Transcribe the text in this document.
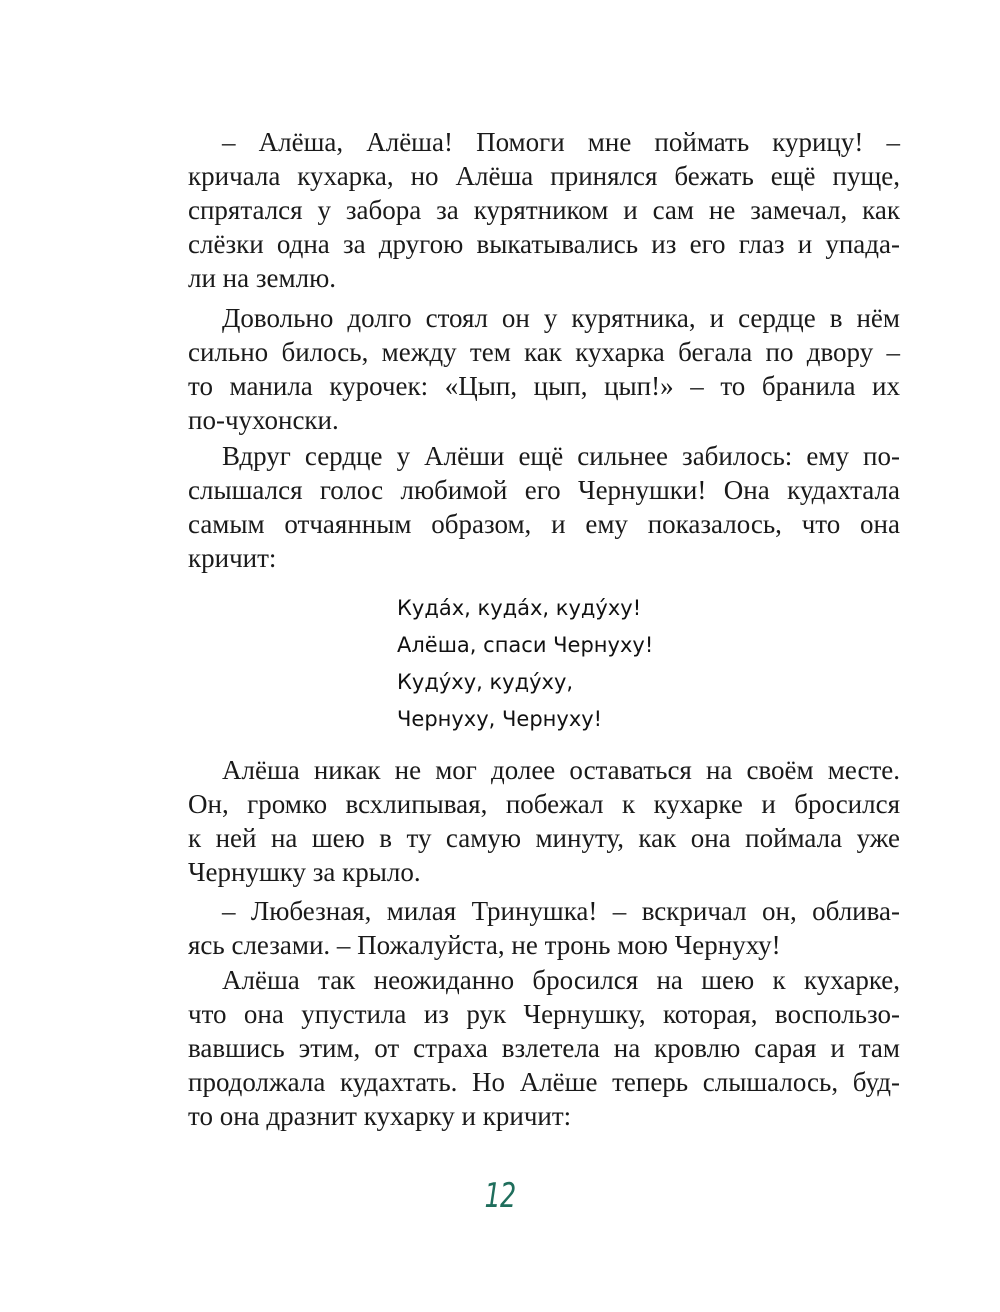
– Алёша, Алёша! Помоги мне поймать курицу! –
кричала кухарка, но Алёша принялся бежать ещё пуще,
спрятался у забора за курятником и сам не замечал, как
слёзки одна за другою выкатывались из его глаз и упада-
ли на землю.
Довольно долго стоял он у курятника, и сердце в нём
сильно билось, между тем как кухарка бегала по двору –
то манила курочек: «Цып, цып, цып!» – то бранила их
по-чухонски.
Вдруг сердце у Алёши ещё сильнее забилось: ему по-
слышался голос любимой его Чернушки! Она кудахтала
самым отчаянным образом, и ему показалось, что она
кричит:
Куда́х, куда́х, куду́ху!
Алёша, спаси Чернуху!
Куду́ху, куду́ху,
Чернуху, Чернуху!
Алёша никак не мог долее оставаться на своём месте.
Он, громко всхлипывая, побежал к кухарке и бросился
к ней на шею в ту самую минуту, как она поймала уже
Чернушку за крыло.
– Любезная, милая Тринушка! – вскричал он, облива-
ясь слезами. – Пожалуйста, не тронь мою Чернуху!
Алёша так неожиданно бросился на шею к кухарке,
что она упустила из рук Чернушку, которая, воспользо-
вавшись этим, от страха взлетела на кровлю сарая и там
продолжала кудахтать. Но Алёше теперь слышалось, буд-
то она дразнит кухарку и кричит:
12
